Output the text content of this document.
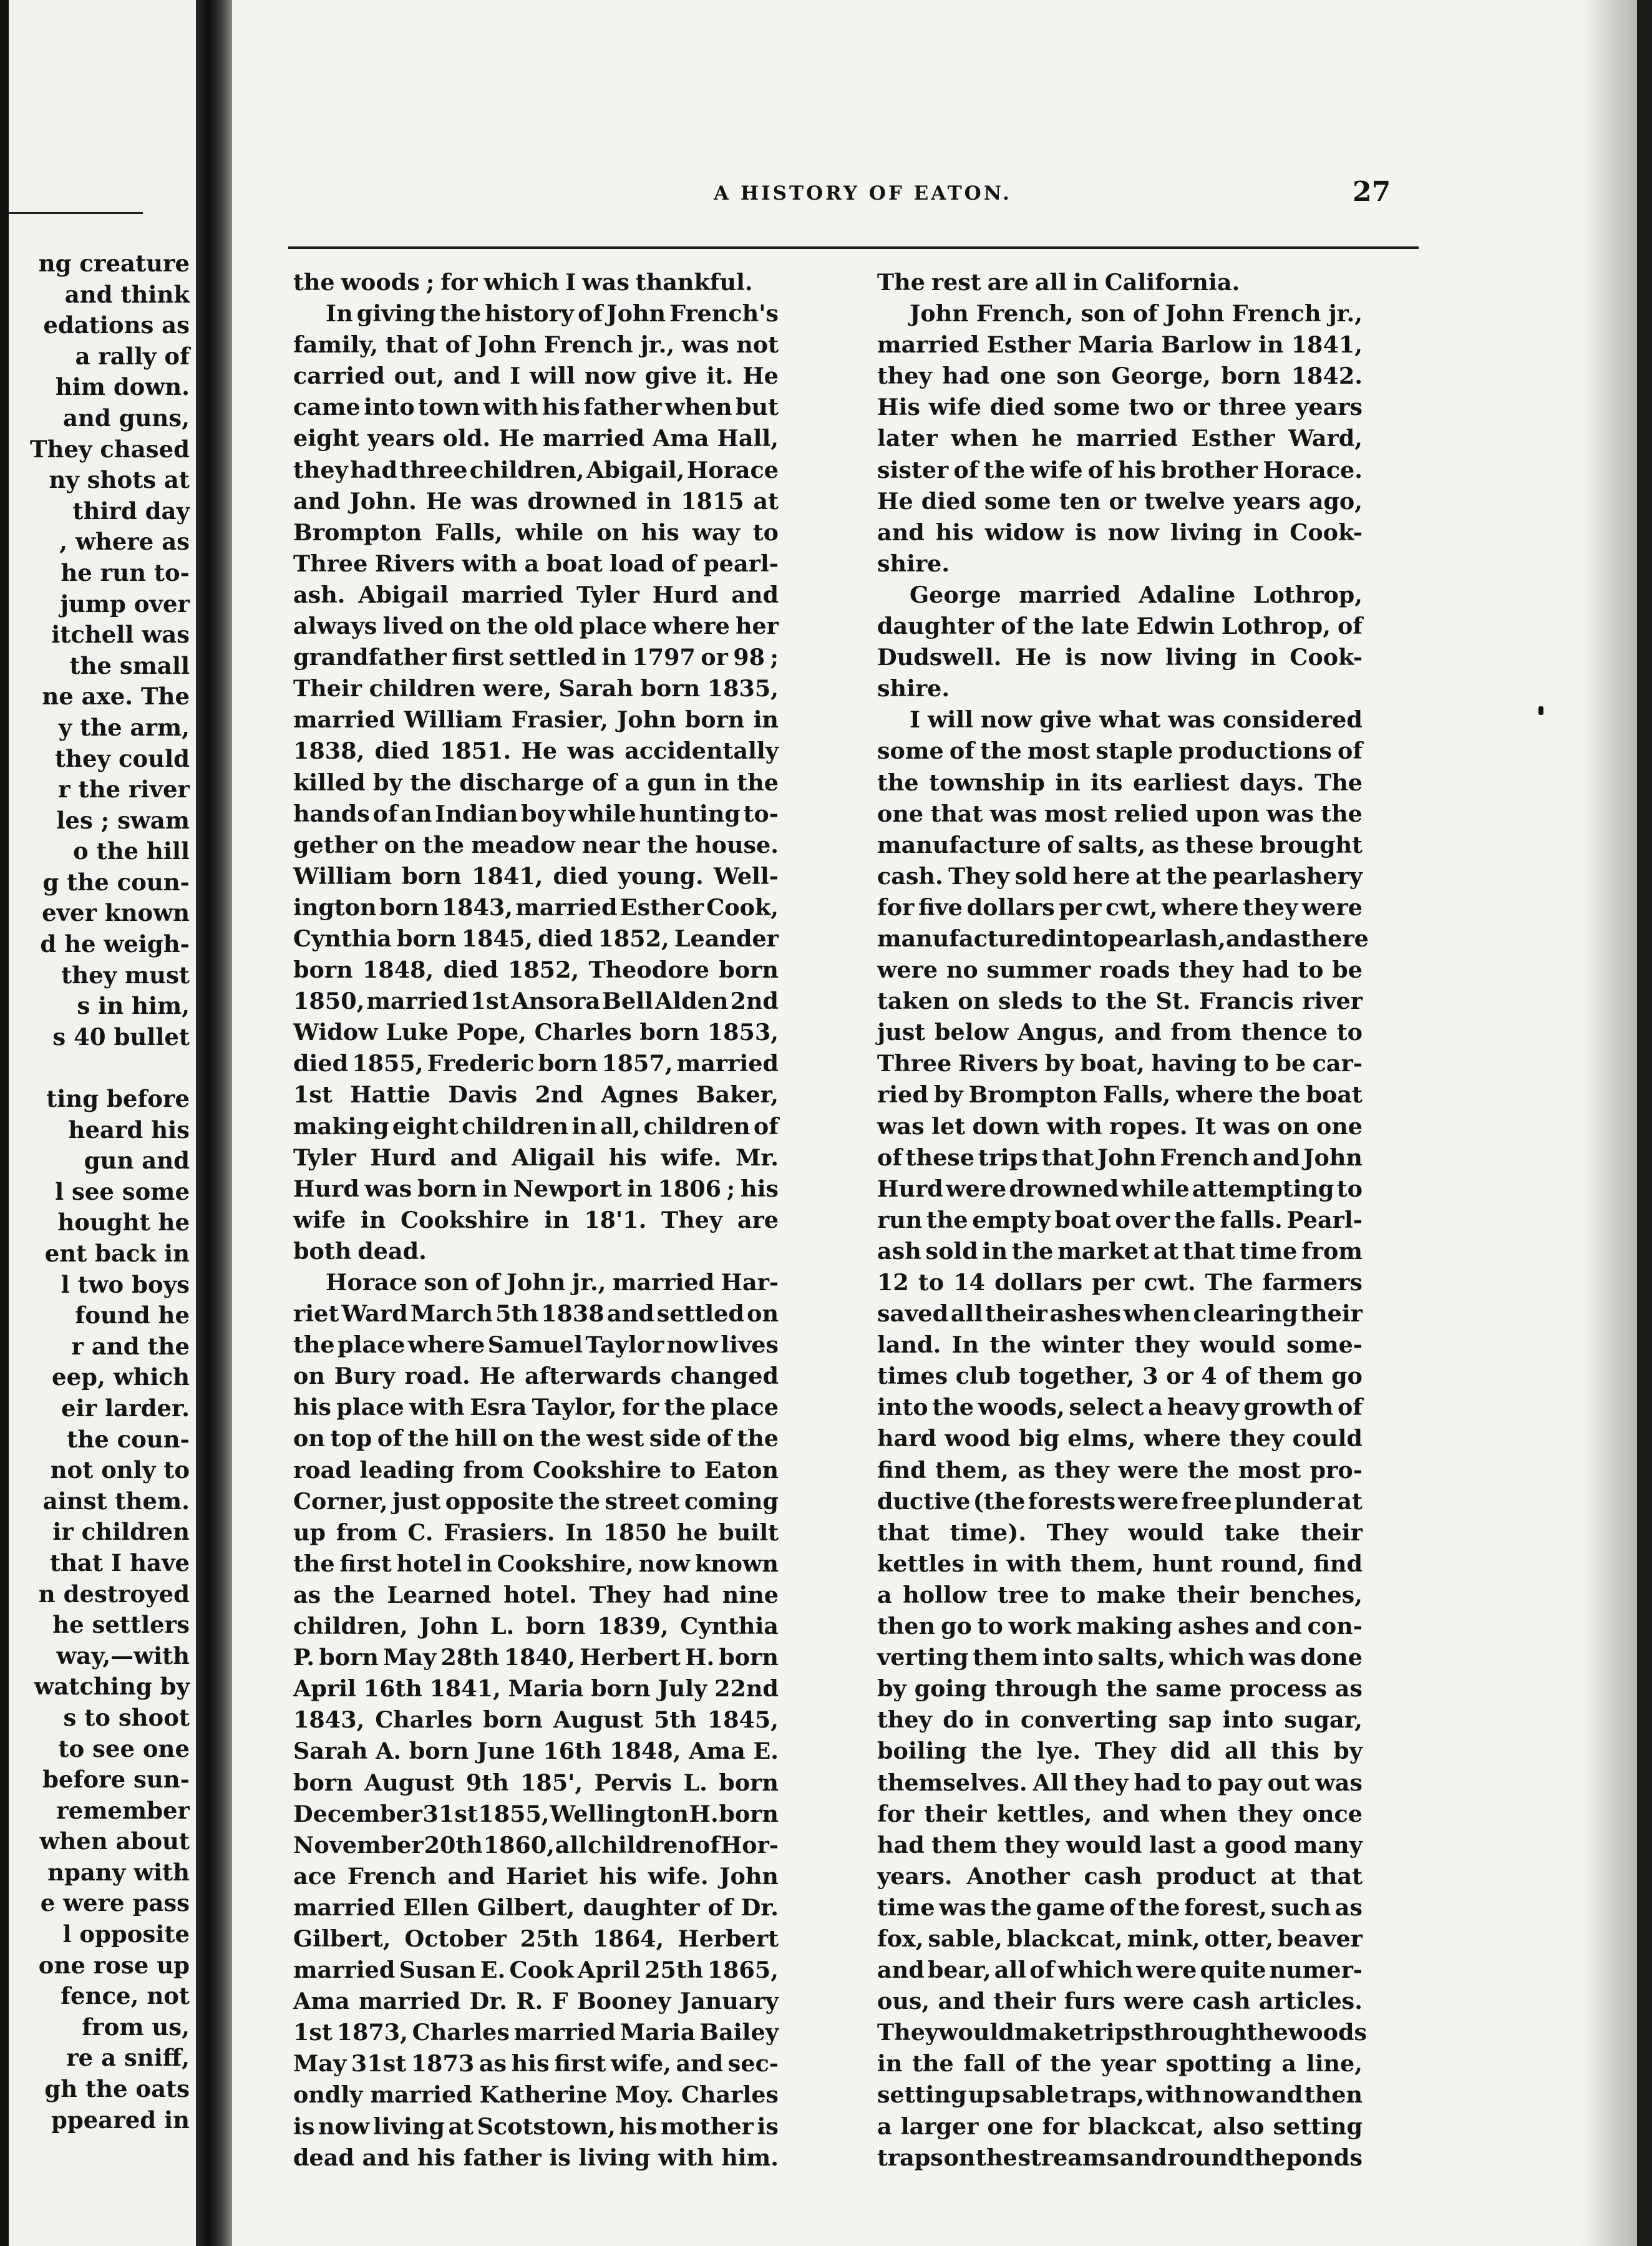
ng creature
and think
edations as
a rally of
him down.
and guns,
They chased
ny shots at
third day
, where as
he run to-
jump over
itchell was
the small
ne axe. The
y the arm,
they could
r the river
les ; swam
o the hill
g the coun-
ever known
d he weigh-
they must
s in him,
s 40 bullet
ting before
heard his
gun and
l see some
hought he
ent back in
l two boys
found he
r and the
eep, which
eir larder.
the coun-
not only to
ainst them.
ir children
that I have
n destroyed
he settlers
way,—with
watching by
s to shoot
to see one
before sun-
remember
when about
npany with
e were pass
l opposite
one rose up
fence, not
from us,
re a sniff,
gh the oats
ppeared in
A HISTORY OF EATON.	27
the woods ; for which I was thankful.
In giving the history of John French's
family, that of John French jr., was not
carried out, and I will now give it. He
came into town with his father when but
eight years old. He married Ama Hall,
they had three children, Abigail, Horace
and John. He was drowned in 1815 at
Brompton Falls, while on his way to
Three Rivers with a boat load of pearl-
ash. Abigail married Tyler Hurd and
always lived on the old place where her
grandfather first settled in 1797 or 98 ;
Their children were, Sarah born 1835,
married William Frasier, John born in
1838, died 1851. He was accidentally
killed by the discharge of a gun in the
hands of an Indian boy while hunting to-
gether on the meadow near the house.
William born 1841, died young. Well-
ington born 1843, married Esther Cook,
Cynthia born 1845, died 1852, Leander
born 1848, died 1852, Theodore born
1850, married 1st Ansora Bell Alden 2nd
Widow Luke Pope, Charles born 1853,
died 1855, Frederic born 1857, married
1st Hattie Davis 2nd Agnes Baker,
making eight children in all, children of
Tyler Hurd and Aligail his wife. Mr.
Hurd was born in Newport in 1806 ; his
wife in Cookshire in 18'1. They are
both dead.
Horace son of John jr., married Har-
riet Ward March 5th 1838 and settled on
the place where Samuel Taylor now lives
on Bury road. He afterwards changed
his place with Esra Taylor, for the place
on top of the hill on the west side of the
road leading from Cookshire to Eaton
Corner, just opposite the street coming
up from C. Frasiers. In 1850 he built
the first hotel in Cookshire, now known
as the Learned hotel. They had nine
children, John L. born 1839, Cynthia
P. born May 28th 1840, Herbert H. born
April 16th 1841, Maria born July 22nd
1843, Charles born August 5th 1845,
Sarah A. born June 16th 1848, Ama E.
born August 9th 185', Pervis L. born
December 31st 1855, Wellington H. born
November 20th 1860, all children of Hor-
ace French and Hariet his wife. John
married Ellen Gilbert, daughter of Dr.
Gilbert, October 25th 1864, Herbert
married Susan E. Cook April 25th 1865,
Ama married Dr. R. F Booney January
1st 1873, Charles married Maria Bailey
May 31st 1873 as his first wife, and sec-
ondly married Katherine Moy. Charles
is now living at Scotstown, his mother is
dead and his father is living with him.
The rest are all in California.
John French, son of John French jr.,
married Esther Maria Barlow in 1841,
they had one son George, born 1842.
His wife died some two or three years
later when he married Esther Ward,
sister of the wife of his brother Horace.
He died some ten or twelve years ago,
and his widow is now living in Cook-
shire.
George married Adaline Lothrop,
daughter of the late Edwin Lothrop, of
Dudswell. He is now living in Cook-
shire.
I will now give what was considered
some of the most staple productions of
the township in its earliest days. The
one that was most relied upon was the
manufacture of salts, as these brought
cash. They sold here at the pearlashery
for five dollars per cwt, where they were
manufactured into pearlash, and as there
were no summer roads they had to be
taken on sleds to the St. Francis river
just below Angus, and from thence to
Three Rivers by boat, having to be car-
ried by Brompton Falls, where the boat
was let down with ropes. It was on one
of these trips that John French and John
Hurd were drowned while attempting to
run the empty boat over the falls. Pearl-
ash sold in the market at that time from
12 to 14 dollars per cwt. The farmers
saved all their ashes when clearing their
land. In the winter they would some-
times club together, 3 or 4 of them go
into the woods, select a heavy growth of
hard wood big elms, where they could
find them, as they were the most pro-
ductive (the forests were free plunder at
that time). They would take their
kettles in with them, hunt round, find
a hollow tree to make their benches,
then go to work making ashes and con-
verting them into salts, which was done
by going through the same process as
they do in converting sap into sugar,
boiling the lye. They did all this by
themselves. All they had to pay out was
for their kettles, and when they once
had them they would last a good many
years. Another cash product at that
time was the game of the forest, such as
fox, sable, blackcat, mink, otter, beaver
and bear, all of which were quite numer-
ous, and their furs were cash articles.
They would make trips through the woods
in the fall of the year spotting a line,
setting up sable traps, with now and then
a larger one for blackcat, also setting
traps on the streams and round the ponds
